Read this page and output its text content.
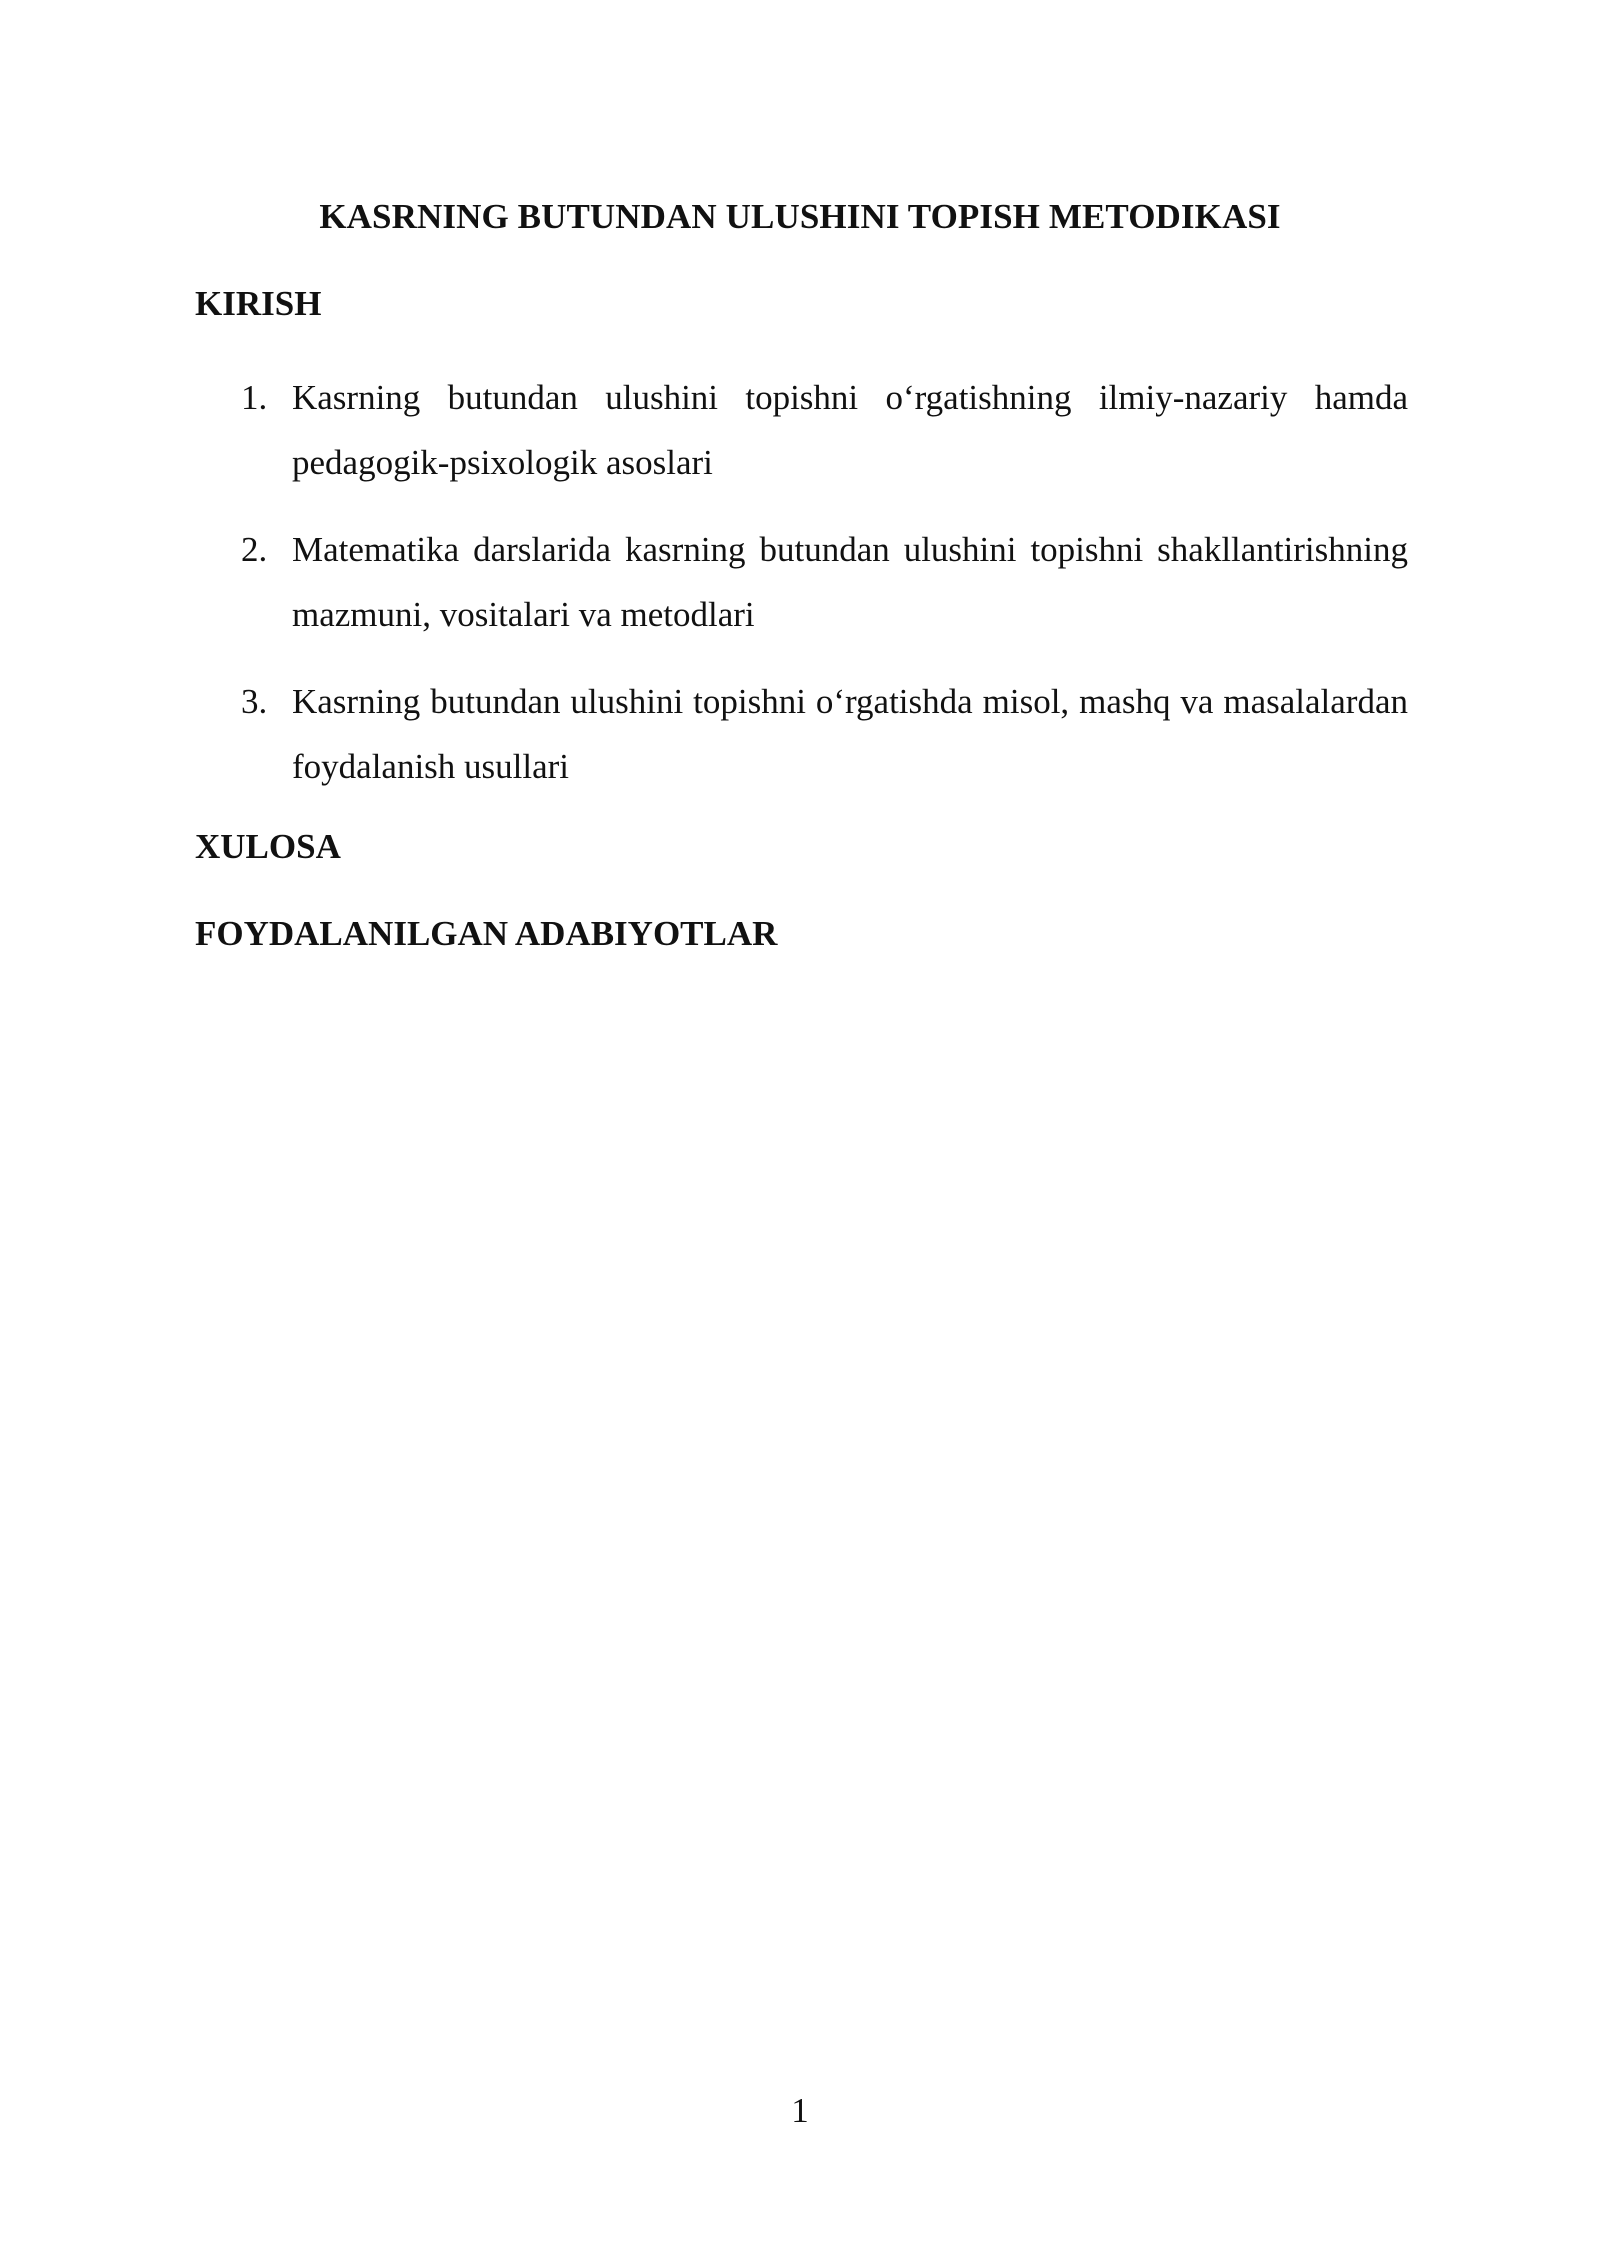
KASRNING BUTUNDAN ULUSHINI TOPISH METODIKASI
KIRISH
1. Kasrning butundan ulushini topishni o‘rgatishning ilmiy-nazariy hamda pedagogik-psixologik asoslari
2. Matematika darslarida kasrning butundan ulushini topishni shakllantirishning mazmuni, vositalari va metodlari
3. Kasrning butundan ulushini topishni o‘rgatishda misol, mashq va masalalardan foydalanish usullari
XULOSA
FOYDALANILGAN ADABIYOTLAR
1
